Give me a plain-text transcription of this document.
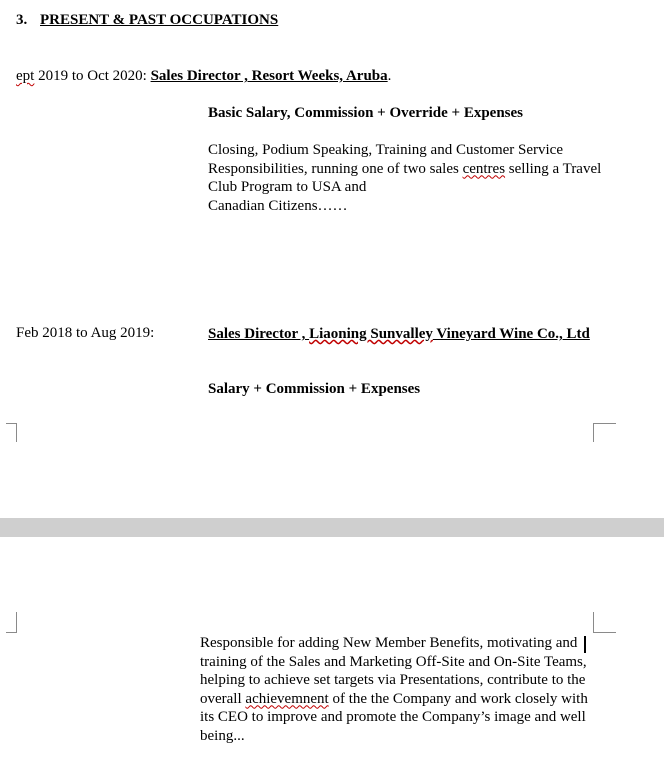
3. PRESENT & PAST OCCUPATIONS
ept 2019 to Oct 2020: Sales Director , Resort Weeks, Aruba.
Basic Salary, Commission + Override + Expenses
Closing, Podium Speaking, Training and Customer Service Responsibilities, running one of two sales centres selling a Travel Club Program to USA and
Canadian Citizens……
Feb 2018 to Aug 2019:	Sales Director , Liaoning Sunvalley Vineyard Wine Co., Ltd
Salary + Commission + Expenses
Responsible for adding New Member Benefits, motivating and training of the Sales and Marketing Off-Site and On-Site Teams, helping to achieve set targets via Presentations, contribute to the overall achievemnent of the the Company and work closely with its CEO to improve and promote the Company’s image and well being...
